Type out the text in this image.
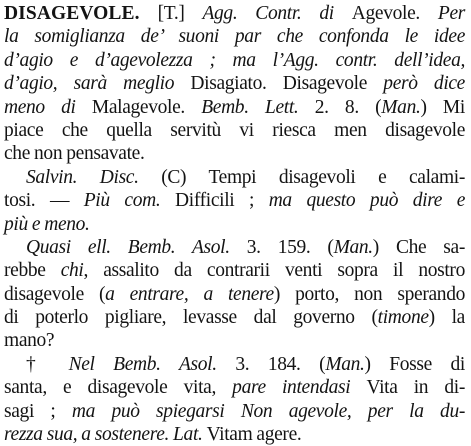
DISAGEVOLE. [T.] Agg. Contr. di Agevole. Per
la somiglianza de’ suoni par che confonda le idee
d’agio e d’agevolezza ; ma l’Agg. contr. dell’idea,
d’agio, sarà meglio Disagiato. Disagevole però dice
meno di Malagevole. Bemb. Lett. 2. 8. (Man.) Mi
piace che quella servitù vi riesca men disagevole
che non pensavate.
Salvin. Disc. (C) Tempi disagevoli e calami-
tosi. — Più com. Difficili ; ma questo può dire e
più e meno.
Quasi ell. Bemb. Asol. 3. 159. (Man.) Che sa-
rebbe chi, assalito da contrarii venti sopra il nostro
disagevole (a entrare, a tenere) porto, non sperando
di poterlo pigliare, levasse dal governo (timone) la
mano?
† Nel Bemb. Asol. 3. 184. (Man.) Fosse di
santa, e disagevole vita, pare intendasi Vita in di-
sagi ; ma può spiegarsi Non agevole, per la du-
rezza sua, a sostenere. Lat. Vitam agere.
